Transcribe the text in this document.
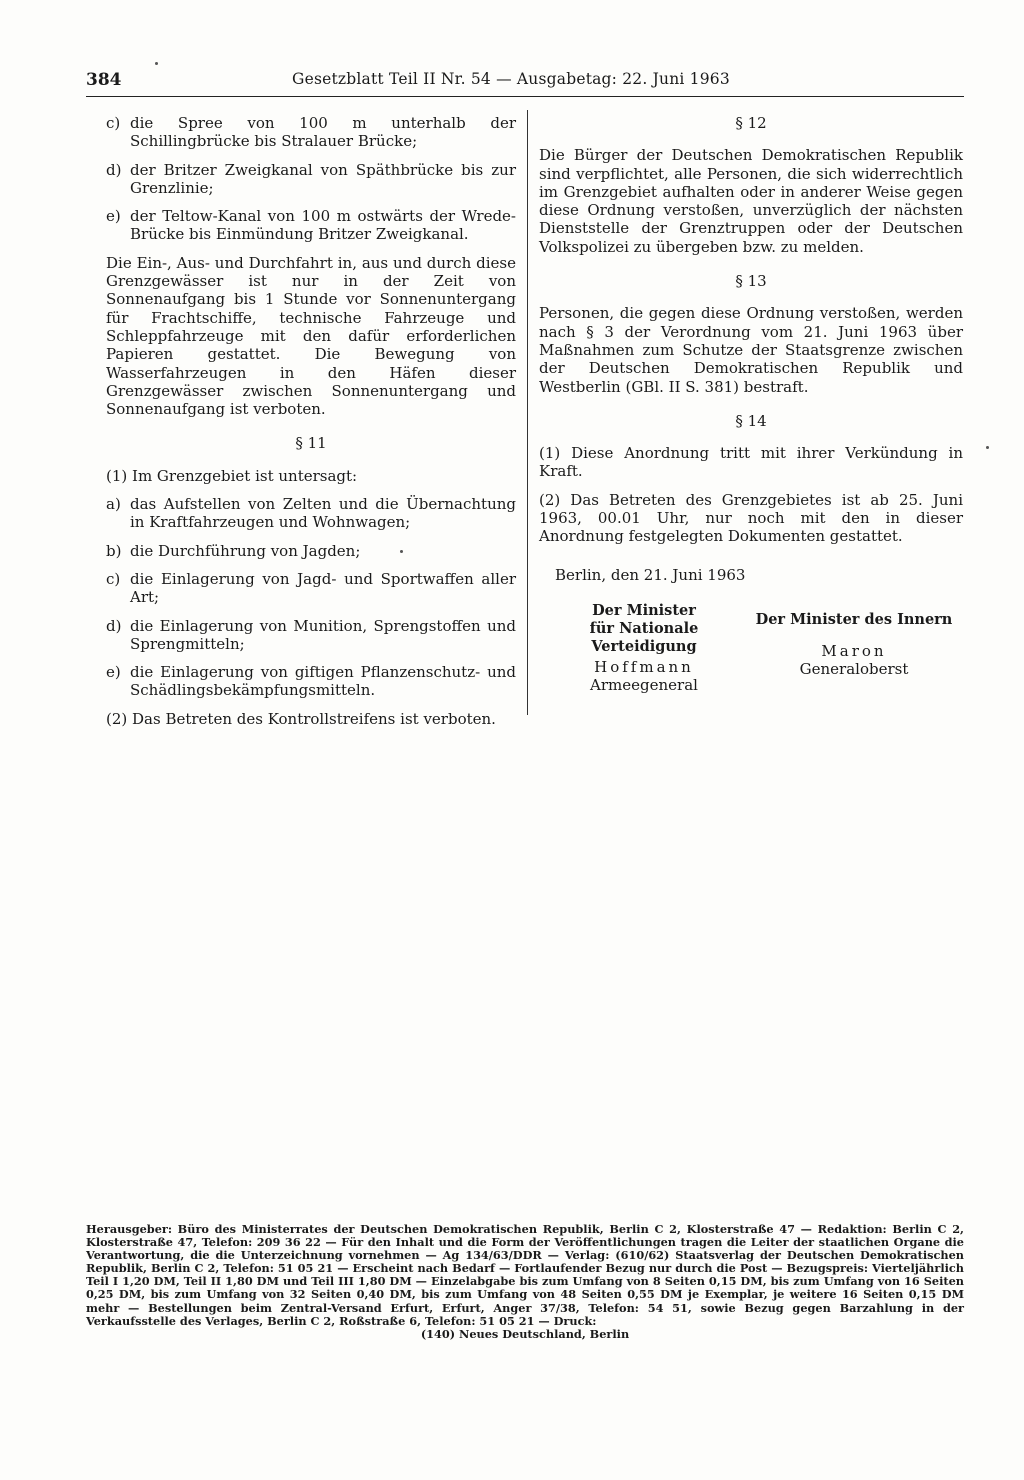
384	Gesetzblatt Teil II Nr. 54 — Ausgabetag: 22. Juni 1963
c) die Spree von 100 m unterhalb der Schillingbrücke bis Stralauer Brücke;
d) der Britzer Zweigkanal von Späthbrücke bis zur Grenzlinie;
e) der Teltow-Kanal von 100 m ostwärts der Wrede-Brücke bis Einmündung Britzer Zweigkanal.

Die Ein-, Aus- und Durchfahrt in, aus und durch diese Grenzgewässer ist nur in der Zeit von Sonnenaufgang bis 1 Stunde vor Sonnenuntergang für Frachtschiffe, technische Fahrzeuge und Schleppfahrzeuge mit den dafür erforderlichen Papieren gestattet. Die Bewegung von Wasserfahrzeugen in den Häfen dieser Grenzgewässer zwischen Sonnenuntergang und Sonnenaufgang ist verboten.

§ 11

(1) Im Grenzgebiet ist untersagt:

a) das Aufstellen von Zelten und die Übernachtung in Kraftfahrzeugen und Wohnwagen;
b) die Durchführung von Jagden;
c) die Einlagerung von Jagd- und Sportwaffen aller Art;
d) die Einlagerung von Munition, Sprengstoffen und Sprengmitteln;
e) die Einlagerung von giftigen Pflanzenschutz- und Schädlingsbekämpfungsmitteln.

(2) Das Betreten des Kontrollstreifens ist verboten.

§ 12

Die Bürger der Deutschen Demokratischen Republik sind verpflichtet, alle Personen, die sich widerrechtlich im Grenzgebiet aufhalten oder in anderer Weise gegen diese Ordnung verstoßen, unverzüglich der nächsten Dienststelle der Grenztruppen oder der Deutschen Volkspolizei zu übergeben bzw. zu melden.

§ 13

Personen, die gegen diese Ordnung verstoßen, werden nach § 3 der Verordnung vom 21. Juni 1963 über Maßnahmen zum Schutze der Staatsgrenze zwischen der Deutschen Demokratischen Republik und Westberlin (GBl. II S. 381) bestraft.

§ 14

(1) Diese Anordnung tritt mit ihrer Verkündung in Kraft.

(2) Das Betreten des Grenzgebietes ist ab 25. Juni 1963, 00.01 Uhr, nur noch mit den in dieser Anordnung festgelegten Dokumenten gestattet.

Berlin, den 21. Juni 1963
Der Minister
für Nationale Verteidigung
Hoffmann
Armeegeneral
Der Minister des Innern
Maron
Generaloberst
Herausgeber: Büro des Ministerrates der Deutschen Demokratischen Republik, Berlin C 2, Klosterstraße 47 — Redaktion: Berlin C 2, Klosterstraße 47, Telefon: 209 36 22 — Für den Inhalt und die Form der Veröffentlichungen tragen die Leiter der staatlichen Organe die Verantwortung, die die Unterzeichnung vornehmen — Ag 134/63/DDR — Verlag: (610/62) Staatsverlag der Deutschen Demokratischen Republik, Berlin C 2, Telefon: 51 05 21 — Erscheint nach Bedarf — Fortlaufender Bezug nur durch die Post — Bezugspreis: Vierteljährlich Teil I 1,20 DM, Teil II 1,80 DM und Teil III 1,80 DM — Einzelabgabe bis zum Umfang von 8 Seiten 0,15 DM, bis zum Umfang von 16 Seiten 0,25 DM, bis zum Umfang von 32 Seiten 0,40 DM, bis zum Umfang von 48 Seiten 0,55 DM je Exemplar, je weitere 16 Seiten 0,15 DM mehr — Bestellungen beim Zentral-Versand Erfurt, Erfurt, Anger 37/38, Telefon: 54 51, sowie Bezug gegen Barzahlung in der Verkaufsstelle des Verlages, Berlin C 2, Roßstraße 6, Telefon: 51 05 21 — Druck:
(140) Neues Deutschland, Berlin
